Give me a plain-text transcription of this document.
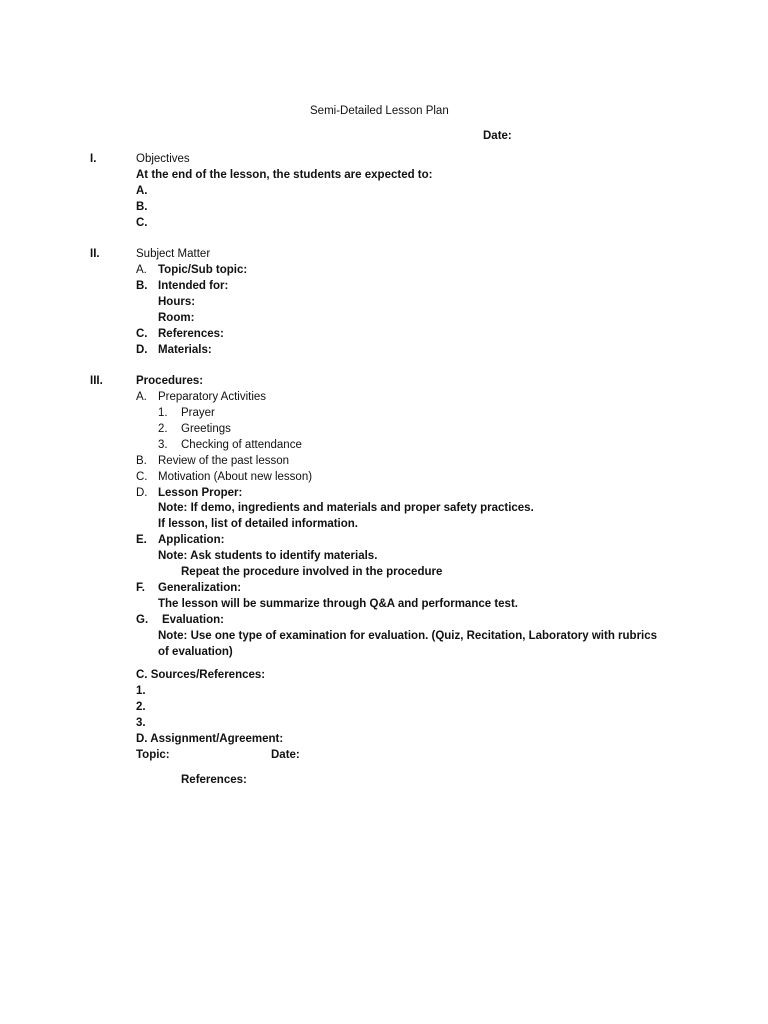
Semi-Detailed Lesson Plan
Date:
I.	Objectives
At the end of the lesson, the students are expected to:
A.
B.
C.
II.	Subject Matter
A. Topic/Sub topic:
B. Intended for:
Hours:
Room:
C. References:
D. Materials:
III.	Procedures:
A. Preparatory Activities
1. Prayer
2. Greetings
3. Checking of attendance
B. Review of the past lesson
C. Motivation (About new lesson)
D. Lesson Proper:
Note: If demo, ingredients and materials and proper safety practices.
If lesson, list of detailed information.
E. Application:
Note: Ask students to identify materials.
Repeat the procedure involved in the procedure
F. Generalization:
The lesson will be summarize through Q&A and performance test.
G. Evaluation:
Note: Use one type of examination for evaluation. (Quiz, Recitation, Laboratory with rubrics
of evaluation)
C. Sources/References:
1.
2.
3.
D. Assignment/Agreement:
Topic:	Date:
References:
